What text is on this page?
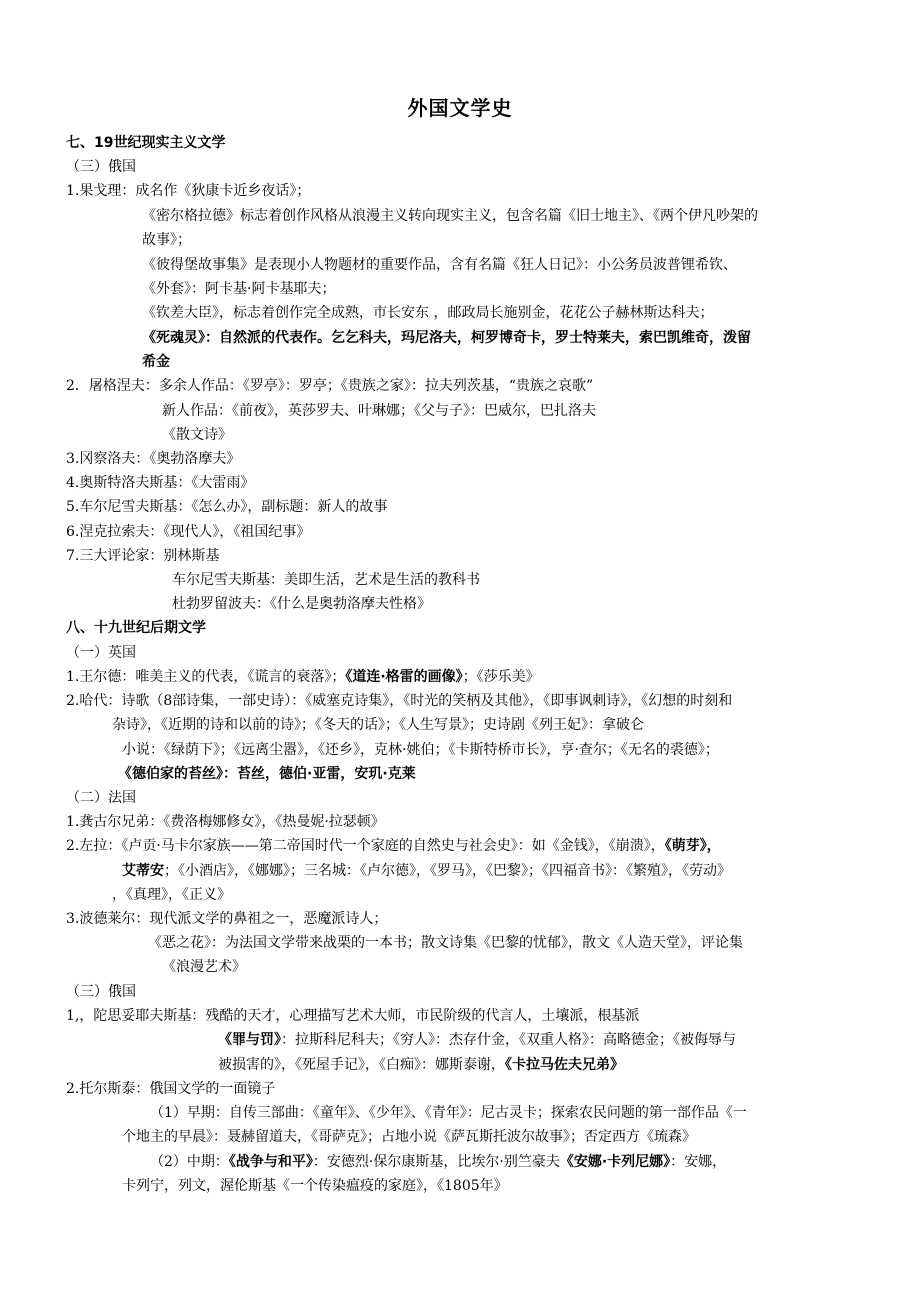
外国文学史
七、19世纪现实主义文学
（三）俄国
1.果戈理：成名作《狄康卡近乡夜话》；
《密尔格拉德》标志着创作风格从浪漫主义转向现实主义，包含名篇《旧士地主》、《两个伊凡吵架的
故事》；
《彼得堡故事集》是表现小人物题材的重要作品，含有名篇《狂人日记》：小公务员波普锂希钦、
《外套》：阿卡基·阿卡基耶夫；
《钦差大臣》，标志着创作完全成熟，市长安东 ，邮政局长施别金，花花公子赫林斯达科夫；
《死魂灵》：自然派的代表作。乞乞科夫，玛尼洛夫，柯罗博奇卡，罗士特莱夫，索巴凯维奇，泼留
希金
2．屠格涅夫：多余人作品：《罗亭》：罗亭；《贵族之家》：拉夫列茨基，“贵族之哀歌”
新人作品：《前夜》，英莎罗夫、叶琳娜；《父与子》：巴威尔，巴扎洛夫
《散文诗》
3.冈察洛夫：《奥勃洛摩夫》
4.奥斯特洛夫斯基：《大雷雨》
5.车尔尼雪夫斯基：《怎么办》，副标题：新人的故事
6.涅克拉索夫：《现代人》，《祖国纪事》
7.三大评论家：别林斯基
车尔尼雪夫斯基：美即生活，艺术是生活的教科书
杜勃罗留波夫：《什么是奥勃洛摩夫性格》
八、十九世纪后期文学
（一）英国
1.王尔德：唯美主义的代表，《谎言的衰落》；《道连·格雷的画像》；《莎乐美》
2.哈代：诗歌（8部诗集，一部史诗）：《威塞克诗集》，《时光的笑柄及其他》，《即事讽刺诗》，《幻想的时刻和
杂诗》，《近期的诗和以前的诗》；《冬天的话》；《人生写景》；史诗剧《列王妃》：拿破仑
小说：《绿荫下》；《远离尘嚣》，《还乡》，克林·姚伯；《卡斯特桥市长》，亨·查尔；《无名的裘德》；
《德伯家的苔丝》：苔丝，德伯·亚雷，安玑·克莱
（二）法国
1.龚古尔兄弟：《费洛梅娜修女》，《热曼妮·拉瑟顿》
2.左拉：《卢贡·马卡尔家族——第二帝国时代一个家庭的自然史与社会史》：如《金钱》，《崩溃》，《萌芽》，
艾蒂安；《小酒店》，《娜娜》；三名城：《卢尔德》，《罗马》，《巴黎》；《四福音书》：《繁殖》，《劳动》
，《真理》，《正义》
3.波德莱尔：现代派文学的鼻祖之一，恶魔派诗人；
《恶之花》：为法国文学带来战栗的一本书；散文诗集《巴黎的忧郁》，散文《人造天堂》，评论集
《浪漫艺术》
（三）俄国
1,，陀思妥耶夫斯基：残酷的天才，心理描写艺术大师，市民阶级的代言人，土壤派，根基派
《罪与罚》：拉斯科尼科夫；《穷人》：杰存什金，《双重人格》：高略德金；《被侮辱与
被损害的》，《死屋手记》，《白痴》：娜斯泰谢，《卡拉马佐夫兄弟》
2.托尔斯泰：俄国文学的一面镜子
（1）早期：自传三部曲：《童年》、《少年》、《青年》：尼古灵卡；探索农民问题的第一部作品《一
个地主的早晨》：聂赫留道夫，《哥萨克》；占地小说《萨瓦斯托波尔故事》；否定西方《琉森》
（2）中期：《战争与和平》：安德烈·保尔康斯基，比埃尔·别竺豪夫《安娜·卡列尼娜》：安娜，
卡列宁，列文，渥伦斯基《一个传染瘟疫的家庭》，《1805年》
